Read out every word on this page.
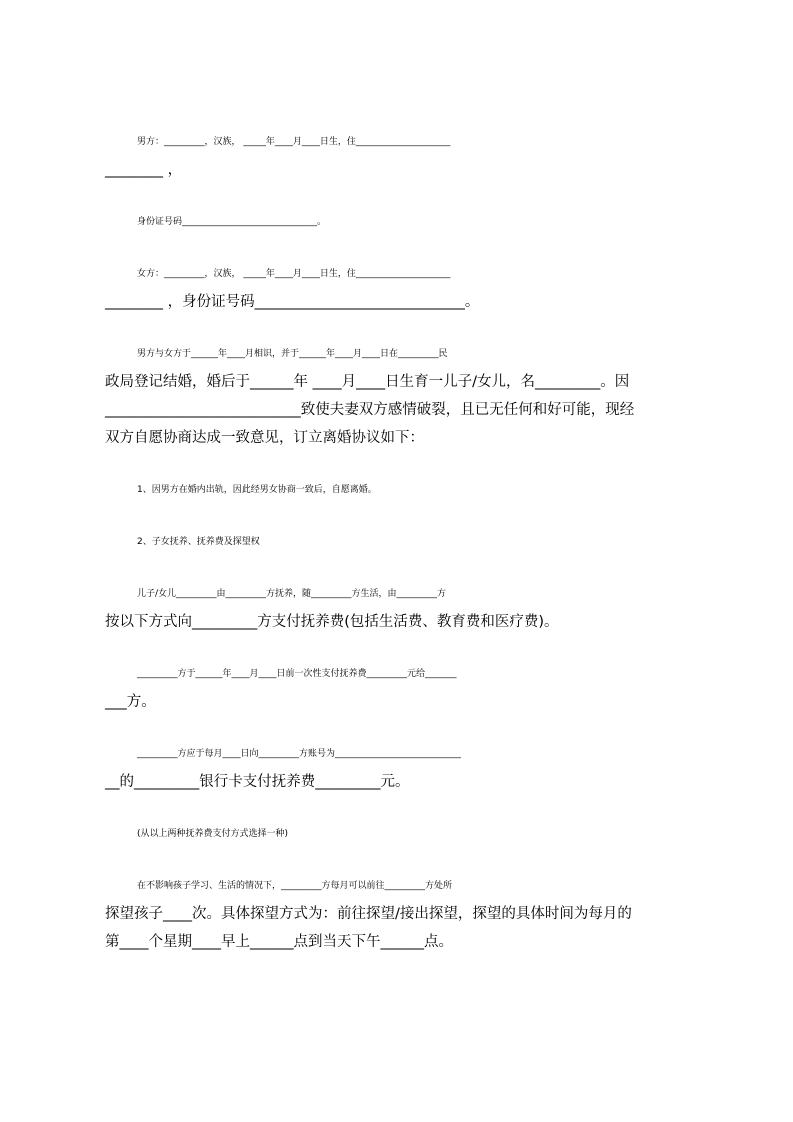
男方：_________，汉族， _____年____月____日生，住_____________________
________ ，
身份证号码______________________________。
女方：_________，汉族， _____年____月____日生，住_____________________
________ ，身份证号码_____________________________。
男方与女方于______年____月相识，并于______年____月____日在_________民
政局登记结婚，婚后于______年 ____月____日生育一儿子/女儿，名_________。因
___________________________致使夫妻双方感情破裂，且已无任何和好可能，现经
双方自愿协商达成一致意见，订立离婚协议如下：
1、因男方在婚内出轨，因此经男女协商一致后，自愿离婚。
2、子女抚养、抚养费及探望权
儿子/女儿_________由_________方抚养，随_________方生活，由_________方
按以下方式向_________方支付抚养费(包括生活费、教育费和医疗费)。
_________方于______年____月____日前一次性支付抚养费_________元给_______
___方。
_________方应于每月____日向_________方账号为____________________________
__的_________银行卡支付抚养费_________元。
(从以上两种抚养费支付方式选择一种)
在不影响孩子学习、生活的情况下，_________方每月可以前往_________方处所
探望孩子____次。具体探望方式为：前往探望/接出探望，探望的具体时间为每月的
第____个星期____早上______点到当天下午______点。
